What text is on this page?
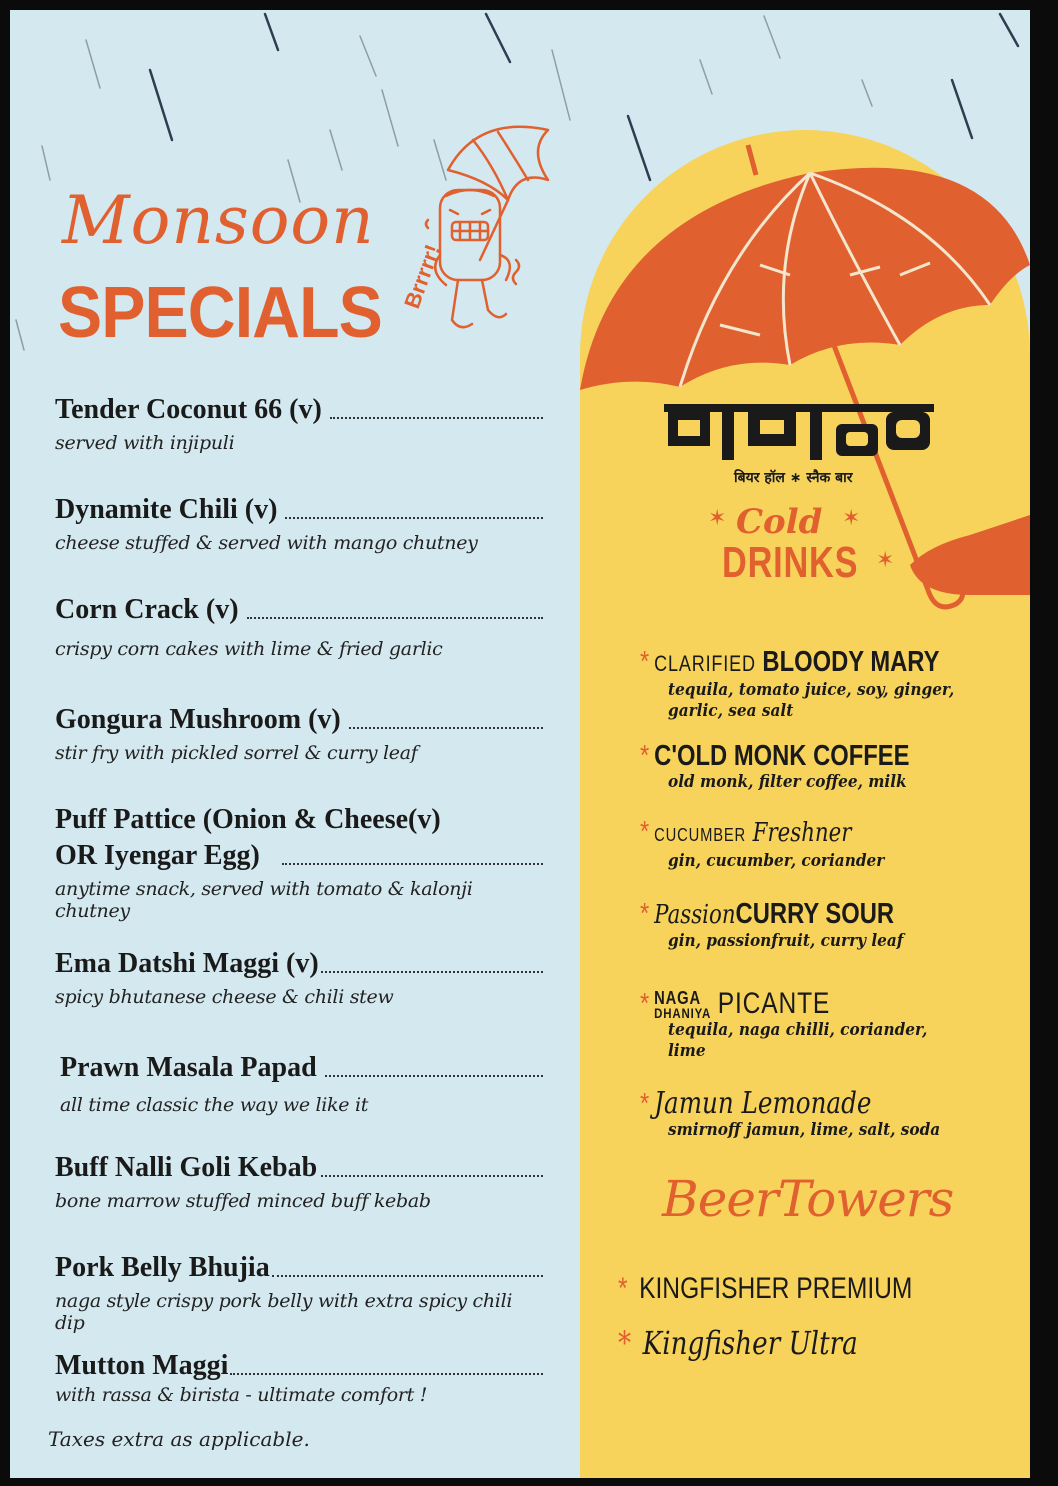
Monsoon
SPECIALS Brrrrr!
Tender Coconut 66 (v)
served with injipuli
Dynamite Chili (v)
cheese stuffed & served with mango chutney
Corn Crack (v)
crispy corn cakes with lime & fried garlic
Gongura Mushroom (v)
stir fry with pickled sorrel & curry leaf
Puff Pattice (Onion & Cheese(v)
OR Iyengar Egg)
anytime snack, served with tomato & kalonji chutney
Ema Datshi Maggi (v)
spicy bhutanese cheese & chili stew
Prawn Masala Papad
all time classic the way we like it
Buff Nalli Goli Kebab
bone marrow stuffed minced buff kebab
Pork Belly Bhujia
naga style crispy pork belly with extra spicy chili dip
Mutton Maggi
with rassa & birista - ultimate comfort !
Taxes extra as applicable.
बियर हॉल ∗ स्नैक बार
✶ Cold ✶
DRINKS ✶
* CLARIFIED BLOODY MARY
tequila, tomato juice, soy, ginger,
garlic, sea salt
* C'OLD MONK COFFEE
old monk, filter coffee, milk
* CUCUMBER Freshner
gin, cucumber, coriander
* PassionCURRY SOUR
gin, passionfruit, curry leaf
* NAGA
DHANIYA PICANTE
tequila, naga chilli, coriander, lime
* Jamun Lemonade
smirnoff jamun, lime, salt, soda
BeerTowers
* KINGFISHER PREMIUM
* Kingfisher Ultra
